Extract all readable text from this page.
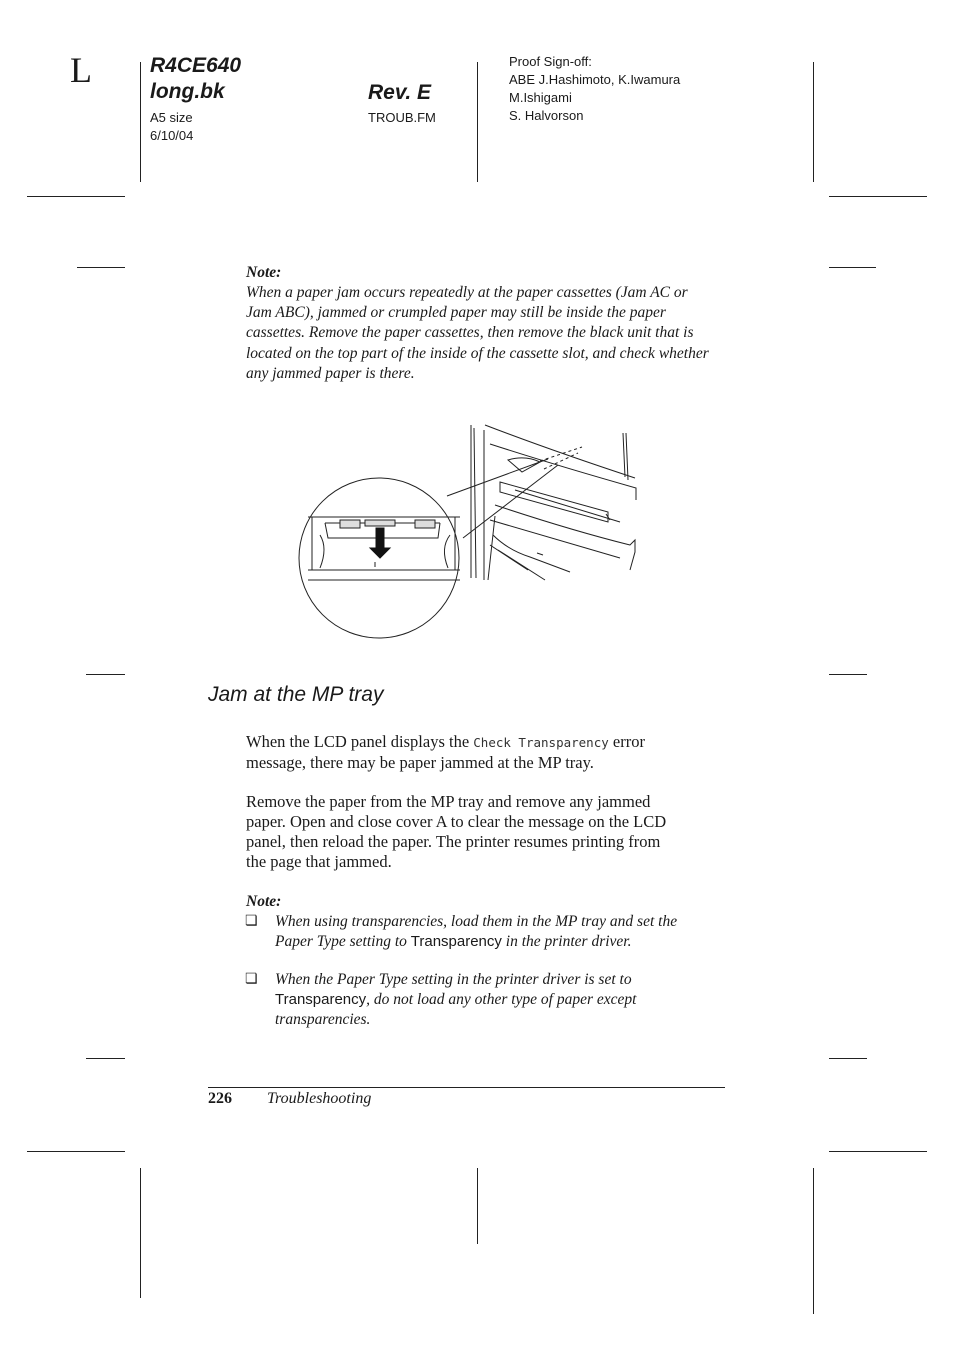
L	R4CE640
long.bk	Rev. E
A5 size
6/10/04
TROUB.FM
Proof Sign-off:
ABE J.Hashimoto, K.Iwamura
M.Ishigami
S. Halvorson
Note:
When a paper jam occurs repeatedly at the paper cassettes (Jam AC or
Jam ABC), jammed or crumpled paper may still be inside the paper
cassettes. Remove the paper cassettes, then remove the black unit that is
located on the top part of the inside of the cassette slot, and check whether
any jammed paper is there.
Jam at the MP tray
When the LCD panel displays the Check Transparency error
message, there may be paper jammed at the MP tray.
Remove the paper from the MP tray and remove any jammed
paper. Open and close cover A to clear the message on the LCD
panel, then reload the paper. The printer resumes printing from
the page that jammed.
Note:
❏ When using transparencies, load them in the MP tray and set the
Paper Type setting to Transparency in the printer driver.
❏ When the Paper Type setting in the printer driver is set to
Transparency, do not load any other type of paper except
transparencies.
226 Troubleshooting
